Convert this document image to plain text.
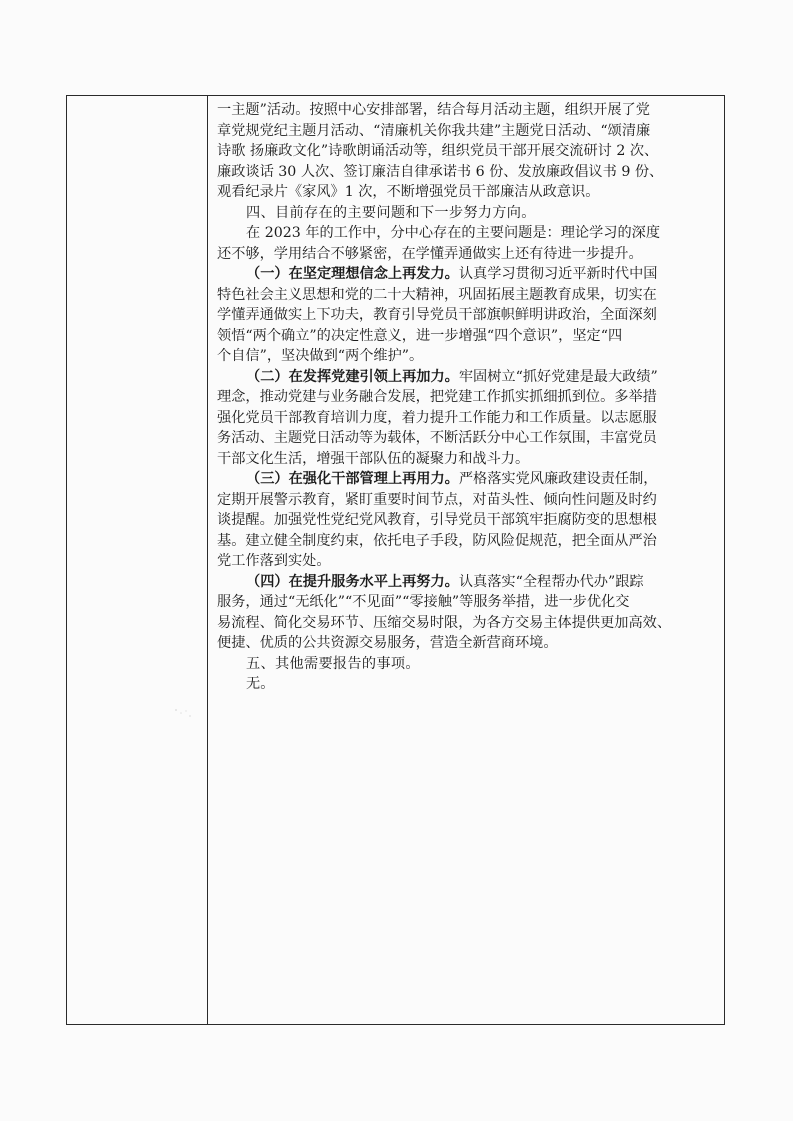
一主题”活动。按照中心安排部署，结合每月活动主题，组织开展了党
章党规党纪主题月活动、“清廉机关你我共建”主题党日活动、“颂清廉
诗歌 扬廉政文化”诗歌朗诵活动等，组织党员干部开展交流研讨 2 次、
廉政谈话 30 人次、签订廉洁自律承诺书 6 份、发放廉政倡议书 9 份、
观看纪录片《家风》1 次，不断增强党员干部廉洁从政意识。
四、目前存在的主要问题和下一步努力方向。
在 2023 年的工作中，分中心存在的主要问题是：理论学习的深度
还不够，学用结合不够紧密，在学懂弄通做实上还有待进一步提升。
（一）在坚定理想信念上再发力。认真学习贯彻习近平新时代中国
特色社会主义思想和党的二十大精神，巩固拓展主题教育成果，切实在
学懂弄通做实上下功夫，教育引导党员干部旗帜鲜明讲政治，全面深刻
领悟“两个确立”的决定性意义，进一步增强“四个意识”，坚定“四
个自信”，坚决做到“两个维护”。
（二）在发挥党建引领上再加力。牢固树立“抓好党建是最大政绩”
理念，推动党建与业务融合发展，把党建工作抓实抓细抓到位。多举措
强化党员干部教育培训力度，着力提升工作能力和工作质量。以志愿服
务活动、主题党日活动等为载体，不断活跃分中心工作氛围，丰富党员
干部文化生活，增强干部队伍的凝聚力和战斗力。
（三）在强化干部管理上再用力。严格落实党风廉政建设责任制，
定期开展警示教育，紧盯重要时间节点，对苗头性、倾向性问题及时约
谈提醒。加强党性党纪党风教育，引导党员干部筑牢拒腐防变的思想根
基。建立健全制度约束，依托电子手段，防风险促规范，把全面从严治
党工作落到实处。
（四）在提升服务水平上再努力。认真落实“全程帮办代办”跟踪
服务，通过“无纸化”“不见面”“零接触”等服务举措，进一步优化交
易流程、简化交易环节、压缩交易时限，为各方交易主体提供更加高效、
便捷、优质的公共资源交易服务，营造全新营商环境。
五、其他需要报告的事项。
无。
